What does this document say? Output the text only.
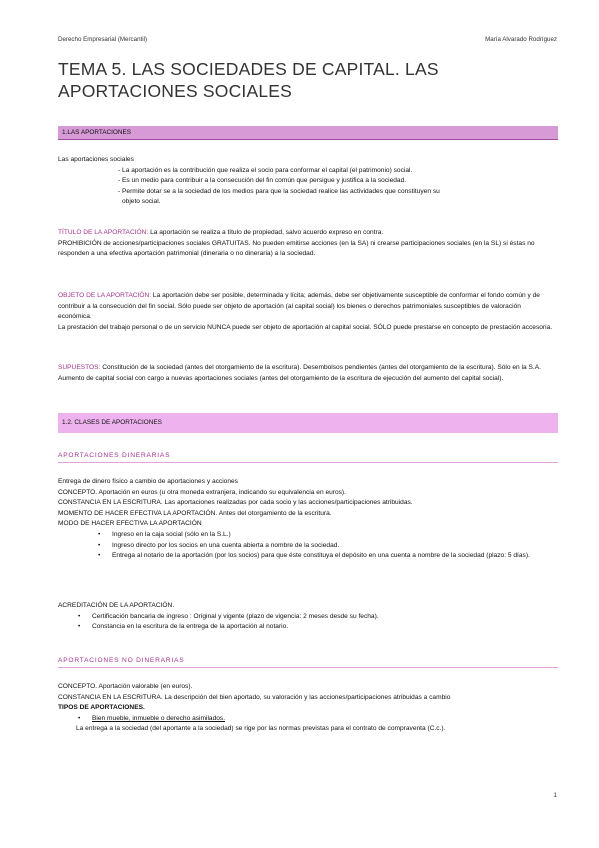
Derecho Empresarial (Mercantil)	María Alvarado Rodríguez
TEMA 5. LAS SOCIEDADES DE CAPITAL. LAS APORTACIONES SOCIALES
1.LAS APORTACIONES
Las aportaciones sociales
- La aportación es la contribución que realiza el socio para conformar el capital (el patrimonio) social.
- Es un medio para contribuir a la consecución del fin común que persigue y justifica a la sociedad.
- Permite dotar se a la sociedad de los medios para que la sociedad realice las actividades que constituyen su
objeto social.
TÍTULO DE LA APORTACIÓN: La aportación se realiza a título de propiedad, salvo acuerdo expreso en contra.
PROHIBICIÓN de acciones/participaciones sociales GRATUITAS. No pueden emitirse acciones (en la SA) ni crearse participaciones sociales (en la SL) si éstas no responden a una efectiva aportación patrimonial (dineraria o no dineraria) a la sociedad.
OBJETO DE LA APORTACIÓN: La aportación debe ser posible, determinada y lícita; además, debe ser objetivamente susceptible de conformar el fondo común y de contribuir a la consecución del fin social. Sólo puede ser objeto de aportación (al capital social) los bienes o derechos patrimoniales susceptibles de valoración económica.
La prestación del trabajo personal o de un servicio NUNCA puede ser objeto de aportación al capital social. SÓLO puede prestarse en concepto de prestación accesoria.
SUPUESTOS: Constitución de la sociedad (antes del otorgamiento de la escritura). Desembolsos pendientes (antes del otorgamiento de la escritura). Sólo en la S.A. Aumento de capital social con cargo a nuevas aportaciones sociales (antes del otorgamiento de la escritura de ejecución del aumento del capital social).
1.2. CLASES DE APORTACIONES
APORTACIONES DINERARIAS
Entrega de dinero físico a cambio de aportaciones y acciones
CONCEPTO. Aportación en euros (u otra moneda extranjera, indicando su equivalencia en euros).
CONSTANCIA EN LA ESCRITURA. Las aportaciones realizadas por cada socio y las acciones/participaciones atribuidas.
MOMENTO DE HACER EFECTIVA LA APORTACIÓN. Antes del otorgamiento de la escritura.
MODO DE HACER EFECTIVA LA APORTACIÓN
• Ingreso en la caja social (sólo en la S.L.)
• Ingreso directo por los socios en una cuenta abierta a nombre de la sociedad.
• Entrega al notario de la aportación (por los socios) para que éste constituya el depósito en una cuenta a nombre de la sociedad (plazo: 5 días).
ACREDITACIÓN DE LA APORTACIÓN.
• Certificación bancaria de ingreso : Original y vigente (plazo de vigencia: 2 meses desde su fecha).
• Constancia en la escritura de la entrega de la aportación al notario.
APORTACIONES NO DINERARIAS
CONCEPTO. Aportación valorable (en euros).
CONSTANCIA EN LA ESCRITURA. La descripción del bien aportado, su valoración y las acciones/participaciones atribuidas a cambio
TIPOS DE APORTACIONES.
• Bien mueble, inmueble o derecho asimilados.
La entrega a la sociedad (del aportante a la sociedad) se rige por las normas previstas para el contrato de compraventa (C.c.).
1
